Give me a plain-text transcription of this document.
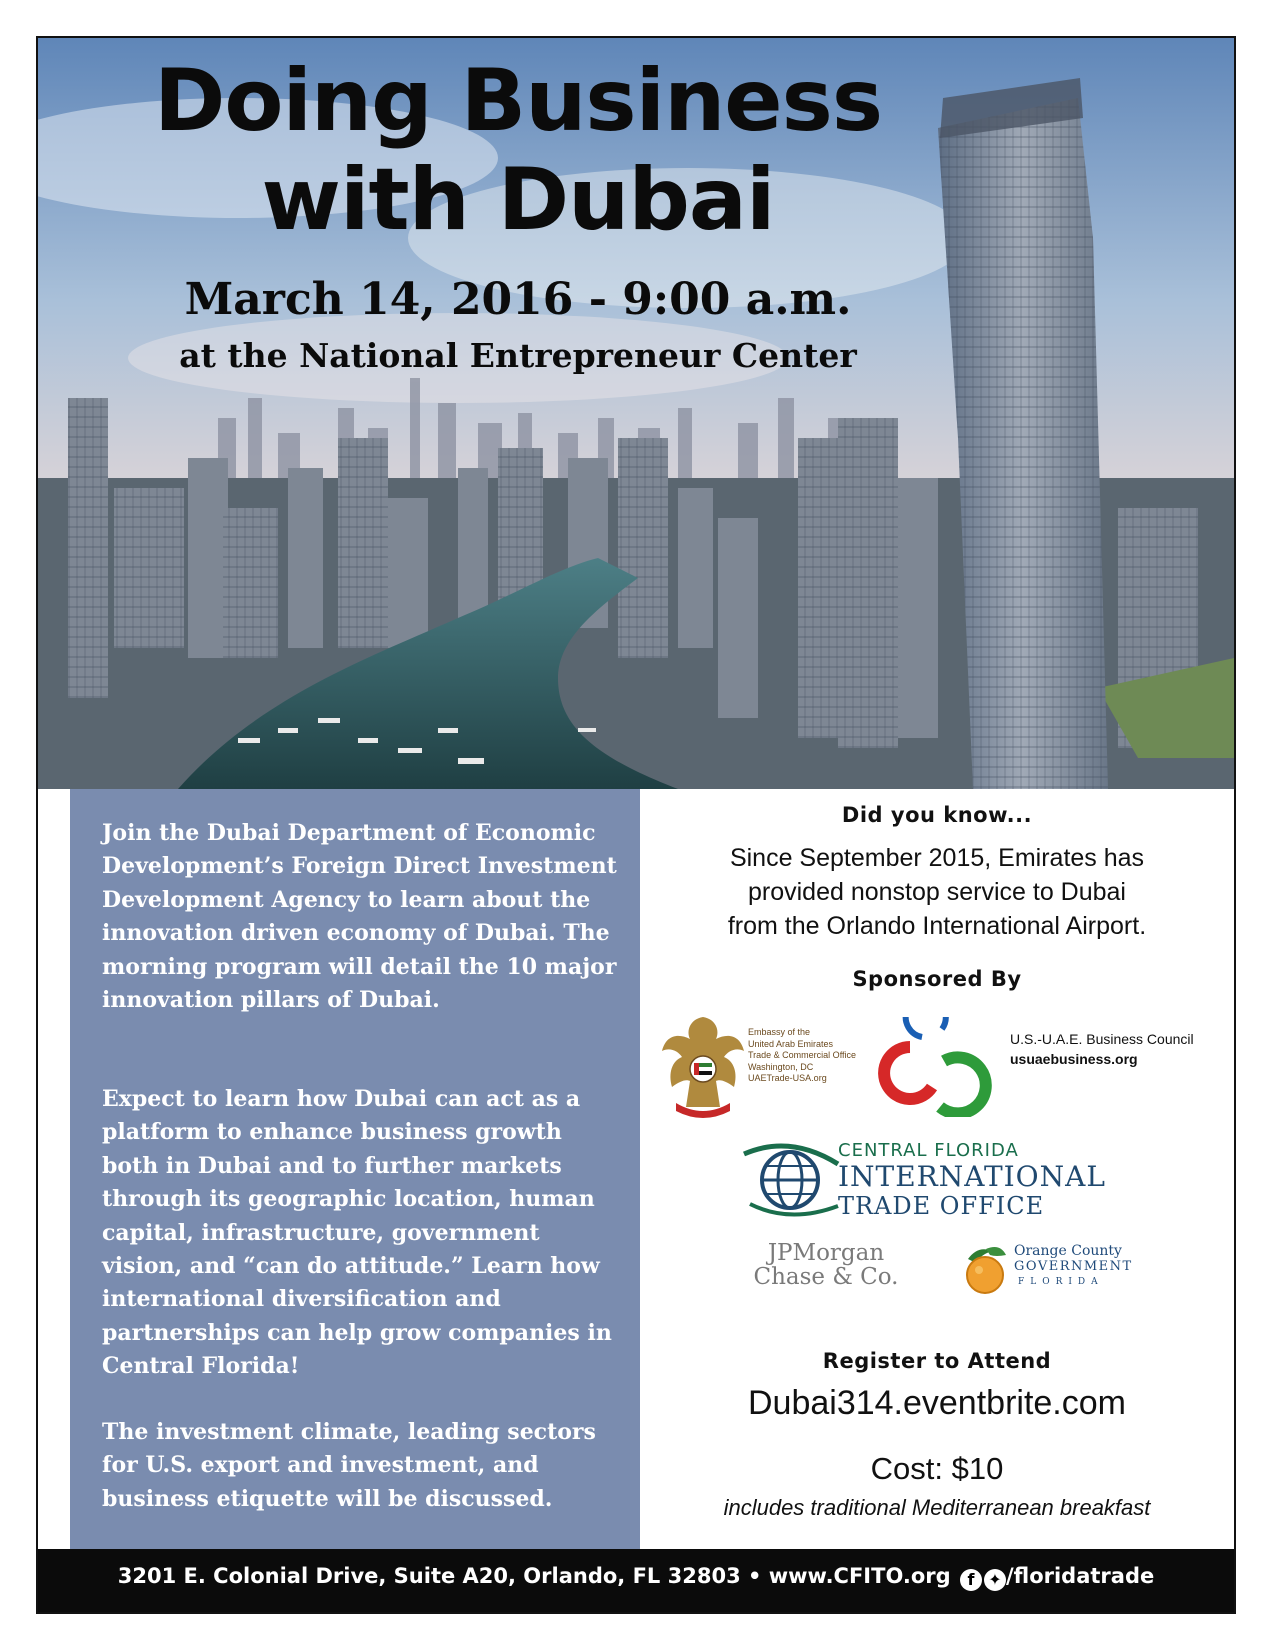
Doing Business
with Dubai
March 14, 2016 - 9:00 a.m.
at the National Entrepreneur Center

Join the Dubai Department of Economic Development’s Foreign Direct Investment Development Agency to learn about the innovation driven economy of Dubai. The morning program will detail the 10 major innovation pillars of Dubai.

Expect to learn how Dubai can act as a platform to enhance business growth both in Dubai and to further markets through its geographic location, human capital, infrastructure, government vision, and “can do attitude.” Learn how international diversification and partnerships can help grow companies in Central Florida!

The investment climate, leading sectors for U.S. export and investment, and business etiquette will be discussed.

Did you know...
Since September 2015, Emirates has
provided nonstop service to Dubai
from the Orlando International Airport.
Sponsored By
Embassy of the
United Arab Emirates
Trade & Commercial Office
Washington, DC
UAETrade-USA.org
U.S.-U.A.E. Business Council
usuaebusiness.org
CENTRAL FLORIDA
INTERNATIONAL
TRADE OFFICE
JPMorgan
Chase & Co.
Orange County
GOVERNMENT
FLORIDA
Register to Attend
Dubai314.eventbrite.com
Cost: $10
includes traditional Mediterranean breakfast
3201 E. Colonial Drive, Suite A20, Orlando, FL 32803 • www.CFITO.org f ✦ /floridatrade
